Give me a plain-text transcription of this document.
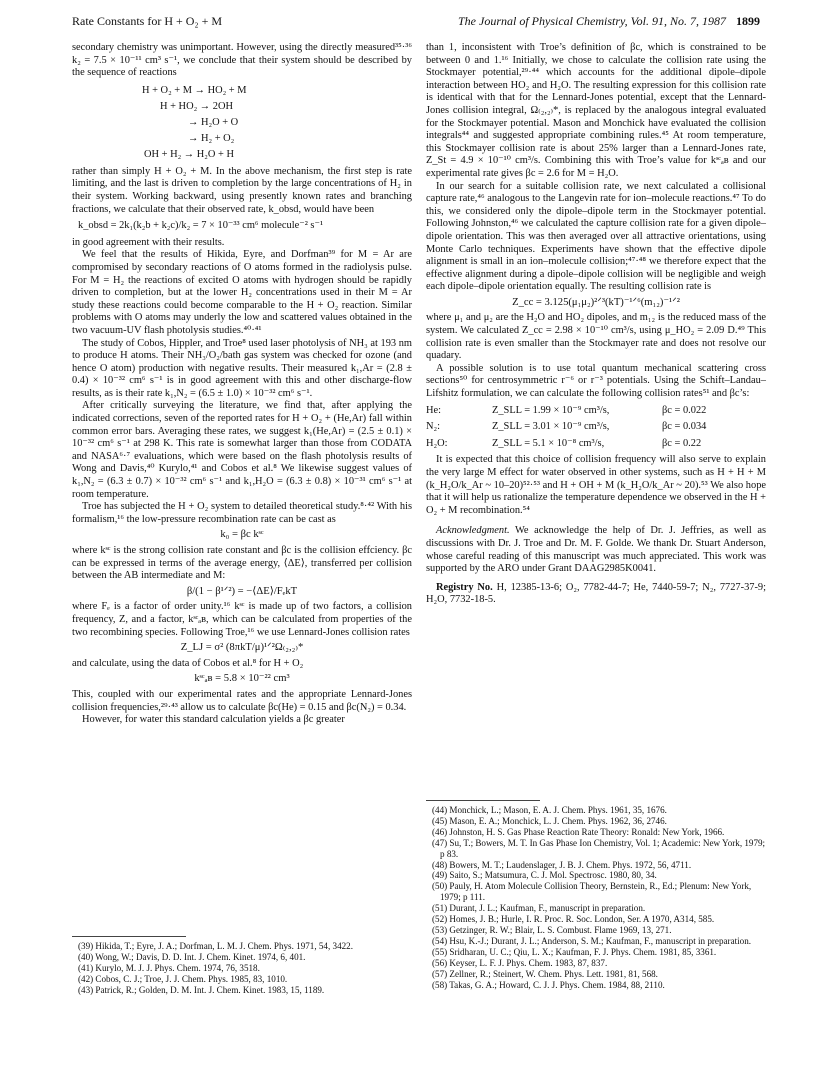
Rate Constants for H + O₂ + M	The Journal of Physical Chemistry, Vol. 91, No. 7, 1987 1899

secondary chemistry was unimportant. However, using the directly measured³⁵·³⁶ k₂ = 7.5 × 10⁻¹¹ cm³ s⁻¹, we conclude that their system should be described by the sequence of reactions

H + O₂ + M → HO₂ + M
H + HO₂ → 2OH
→ H₂O + O
→ H₂ + O₂
OH + H₂ → H₂O + H

rather than simply H + O₂ + M. In the above mechanism, the first step is rate limiting, and the last is driven to completion by the large concentrations of H₂ in their system. Working backward, using presently known rates and branching fractions, we calculate that their observed rate, k_obsd, would have been

k_obsd = 2k₁(k₂b + k₂c)/k₂ = 7 × 10⁻³³ cm⁶ molecule⁻² s⁻¹

in good agreement with their results.

We feel that the results of Hikida, Eyre, and Dorfman³⁹ for M = Ar are compromised by secondary reactions of O atoms formed in the radiolysis pulse. For M = H₂ the reactions of excited O atoms with hydrogen should be rapidly driven to completion, but at the lower H₂ concentrations used in their M = Ar study these reactions could become comparable to the H + O₂ reaction. Similar problems with O atoms may underly the low and scattered values obtained in the two vacuum-UV flash photolysis studies.⁴⁰·⁴¹

The study of Cobos, Hippler, and Troe⁸ used laser photolysis of NH₃ at 193 nm to produce H atoms. Their NH₃/O₂/bath gas system was checked for ozone (and hence O atom) production with negative results. Their measured k₁,Ar = (2.8 ± 0.4) × 10⁻³² cm⁶ s⁻¹ is in good agreement with this and other discharge-flow results, as is their rate k₁,N₂ = (6.5 ± 1.0) × 10⁻³² cm⁶ s⁻¹.

After critically surveying the literature, we find that, after applying the indicated corrections, seven of the reported rates for H + O₂ + (He,Ar) fall within common error bars. Averaging these rates, we suggest k₁(He,Ar) = (2.5 ± 0.1) × 10⁻³² cm⁶ s⁻¹ at 298 K. This rate is somewhat larger than those from CODATA and NASA⁶·⁷ evaluations, which were based on the flash photolysis results of Wong and Davis,⁴⁰ Kurylo,⁴¹ and Cobos et al.⁸ We likewise suggest values of k₁,N₂ = (6.3 ± 0.7) × 10⁻³² cm⁶ s⁻¹ and k₁,H₂O = (6.3 ± 0.8) × 10⁻³¹ cm⁶ s⁻¹ at room temperature.

Troe has subjected the H + O₂ system to detailed theoretical study.⁸·⁴² With his formalism,¹⁶ the low-pressure recombination rate can be cast as

k₀ = βc kˢᶜ

where kˢᶜ is the strong collision rate constant and βc is the collision effciency. βc can be expressed in terms of the average energy, ⟨ΔE⟩, transferred per collision between the AB intermediate and M:

β/(1 − β¹ᐟ²) = −⟨ΔE⟩/FₑkT

where Fₑ is a factor of order unity.¹⁶ kˢᶜ is made up of two factors, a collision frequency, Z, and a factor, kˢᶜₐʙ, which can be calculated from properties of the two recombining species. Following Troe,¹⁶ we use Lennard-Jones collision rates

Z_LJ = σ² (8πkT/μ)¹ᐟ²Ω₍₂,₂₎*

and calculate, using the data of Cobos et al.⁸ for H + O₂

kˢᶜₐʙ = 5.8 × 10⁻²² cm³

This, coupled with our experimental rates and the appropriate Lennard-Jones collision frequencies,²⁹·⁴³ allow us to calculate βc(He) = 0.15 and βc(N₂) = 0.34.

However, for water this standard calculation yields a βc greater

(39) Hikida, T.; Eyre, J. A.; Dorfman, L. M. J. Chem. Phys. 1971, 54, 3422.
(40) Wong, W.; Davis, D. D. Int. J. Chem. Kinet. 1974, 6, 401.
(41) Kurylo, M. J. J. Phys. Chem. 1974, 76, 3518.
(42) Cobos, C. J.; Troe, J. J. Chem. Phys. 1985, 83, 1010.
(43) Patrick, R.; Golden, D. M. Int. J. Chem. Kinet. 1983, 15, 1189.

than 1, inconsistent with Troe’s definition of βc, which is constrained to be between 0 and 1.¹⁶ Initially, we chose to calculate the collision rate using the Stockmayer potential,²⁹·⁴⁴ which accounts for the additional dipole–dipole interaction between HO₂ and H₂O. The resulting expression for this collision rate is identical with that for the Lennard-Jones potential, except that the Lennard-Jones collision integral, Ω₍₂,₂₎*, is replaced by the analogous integral evaluated for the Stockmayer potential. Mason and Monchick have evaluated the collision integrals⁴⁴ and suggested appropriate combining rules.⁴⁵ At room temperature, this Stockmayer collision rate is about 25% larger than a Lennard-Jones rate, Z_St = 4.9 × 10⁻¹⁰ cm³/s. Combining this with Troe’s value for kˢᶜₐʙ and our experimental rate gives βc = 2.6 for M = H₂O.

In our search for a suitable collision rate, we next calculated a collisional capture rate,⁴⁶ analogous to the Langevin rate for ion–molecule reactions.⁴⁷ To do this, we considered only the dipole–dipole term in the Stockmayer potential. Following Johnston,⁴⁶ we calculated the capture collision rate for a given dipole–dipole orientation. This was then averaged over all attractive orientations, using Monte Carlo techniques. Experiments have shown that the effective dipole alignment is small in an ion–molecule collision;⁴⁷·⁴⁸ we therefore expect that the effective alignment during a dipole–dipole collision will be negligible and weigh each dipole–dipole orientation equally. The resulting collision rate is

Z_cc = 3.125(μ₁μ₂)²ᐟ³(kT)⁻¹ᐟ⁶(m₁₂)⁻¹ᐟ²

where μ₁ and μ₂ are the H₂O and HO₂ dipoles, and m₁₂ is the reduced mass of the system. We calculated Z_cc = 2.98 × 10⁻¹⁰ cm³/s, using μ_HO₂ = 2.09 D.⁴⁹ This collision rate is even smaller than the Stockmayer rate and does not resolve our quadary.

A possible solution is to use total quantum mechanical scattering cross sections⁵⁰ for centrosymmetric r⁻⁶ or r⁻³ potentials. Using the Schift–Landau–Lifshitz formulation, we can calculate the following collision rates⁵¹ and βc’s:

He:	Z_SLL = 1.99 × 10⁻⁹ cm³/s,	βc = 0.022
N₂:	Z_SLL = 3.01 × 10⁻⁹ cm³/s,	βc = 0.034
H₂O:	Z_SLL = 5.1 × 10⁻⁸ cm³/s,	βc = 0.22

It is expected that this choice of collision frequency will also serve to explain the very large M effect for water observed in other systems, such as H + H + M (k_H₂O/k_Ar ~ 10–20)⁵²·⁵³ and H + OH + M (k_H₂O/k_Ar ~ 20).⁵³ We also hope that it will help us rationalize the temperature dependence we observed in the H + O₂ + M recombination.⁵⁴

Acknowledgment. We acknowledge the help of Dr. J. Jeffries, as well as discussions with Dr. J. Troe and Dr. M. F. Golde. We thank Dr. Stuart Anderson, whose careful reading of this manuscript was much appreciated. This work was supported by the ARO under Grant DAAG2985K0041.

Registry No. H, 12385-13-6; O₂, 7782-44-7; He, 7440-59-7; N₂, 7727-37-9; H₂O, 7732-18-5.

(44) Monchick, L.; Mason, E. A. J. Chem. Phys. 1961, 35, 1676.
(45) Mason, E. A.; Monchick, L. J. Chem. Phys. 1962, 36, 2746.
(46) Johnston, H. S. Gas Phase Reaction Rate Theory: Ronald: New York, 1966.
(47) Su, T.; Bowers, M. T. In Gas Phase Ion Chemistry, Vol. 1; Academic: New York, 1979; p 83.
(48) Bowers, M. T.; Laudenslager, J. B. J. Chem. Phys. 1972, 56, 4711.
(49) Saito, S.; Matsumura, C. J. Mol. Spectrosc. 1980, 80, 34.
(50) Pauly, H. Atom Molecule Collision Theory, Bernstein, R., Ed.; Plenum: New York, 1979; p 111.
(51) Durant, J. L.; Kaufman, F., manuscript in preparation.
(52) Homes, J. B.; Hurle, I. R. Proc. R. Soc. London, Ser. A 1970, A314, 585.
(53) Getzinger, R. W.; Blair, L. S. Combust. Flame 1969, 13, 271.
(54) Hsu, K.-J.; Durant, J. L.; Anderson, S. M.; Kaufman, F., manuscript in preparation.
(55) Sridharan, U. C.; Qiu, L. X.; Kaufman, F. J. Phys. Chem. 1981, 85, 3361.
(56) Keyser, L. F. J. Phys. Chem. 1983, 87, 837.
(57) Zellner, R.; Steinert, W. Chem. Phys. Lett. 1981, 81, 568.
(58) Takas, G. A.; Howard, C. J. J. Phys. Chem. 1984, 88, 2110.
